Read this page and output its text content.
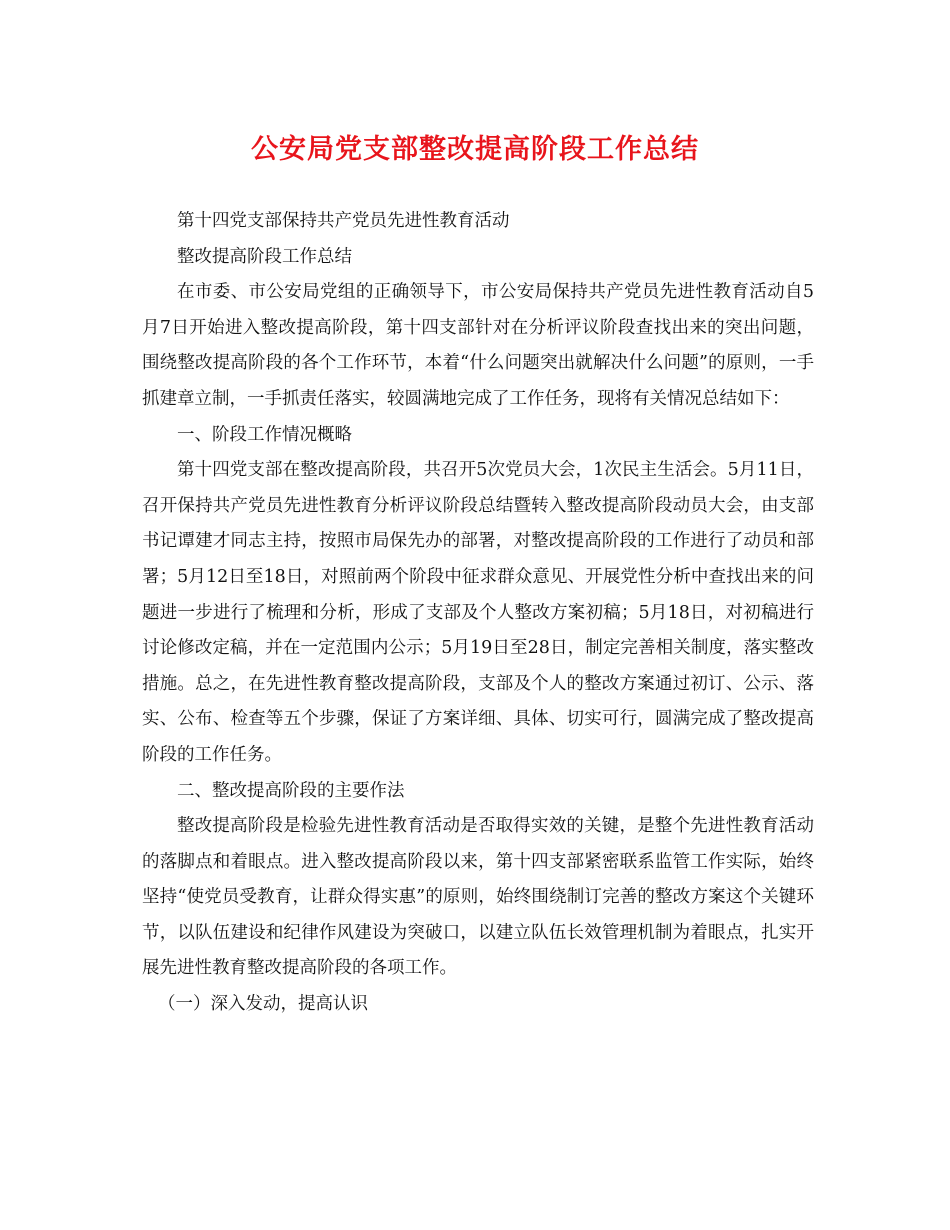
公安局党支部整改提高阶段工作总结

第十四党支部保持共产党员先进性教育活动

整改提高阶段工作总结

在市委、市公安局党组的正确领导下，市公安局保持共产党员先进性教育活动自5月7日开始进入整改提高阶段，第十四支部针对在分析评议阶段查找出来的突出问题，围绕整改提高阶段的各个工作环节，本着“什么问题突出就解决什么问题”的原则，一手抓建章立制，一手抓责任落实，较圆满地完成了工作任务，现将有关情况总结如下：

一、阶段工作情况概略

第十四党支部在整改提高阶段，共召开5次党员大会，1次民主生活会。5月11日，召开保持共产党员先进性教育分析评议阶段总结暨转入整改提高阶段动员大会，由支部书记谭建才同志主持，按照市局保先办的部署，对整改提高阶段的工作进行了动员和部署；5月12日至18日，对照前两个阶段中征求群众意见、开展党性分析中查找出来的问题进一步进行了梳理和分析，形成了支部及个人整改方案初稿；5月18日，对初稿进行讨论修改定稿，并在一定范围内公示；5月19日至28日，制定完善相关制度，落实整改措施。总之，在先进性教育整改提高阶段，支部及个人的整改方案通过初订、公示、落实、公布、检查等五个步骤，保证了方案详细、具体、切实可行，圆满完成了整改提高阶段的工作任务。

二、整改提高阶段的主要作法

整改提高阶段是检验先进性教育活动是否取得实效的关键，是整个先进性教育活动的落脚点和着眼点。进入整改提高阶段以来，第十四支部紧密联系监管工作实际，始终坚持“使党员受教育，让群众得实惠”的原则，始终围绕制订完善的整改方案这个关键环节，以队伍建设和纪律作风建设为突破口，以建立队伍长效管理机制为着眼点，扎实开展先进性教育整改提高阶段的各项工作。

（一）深入发动，提高认识
